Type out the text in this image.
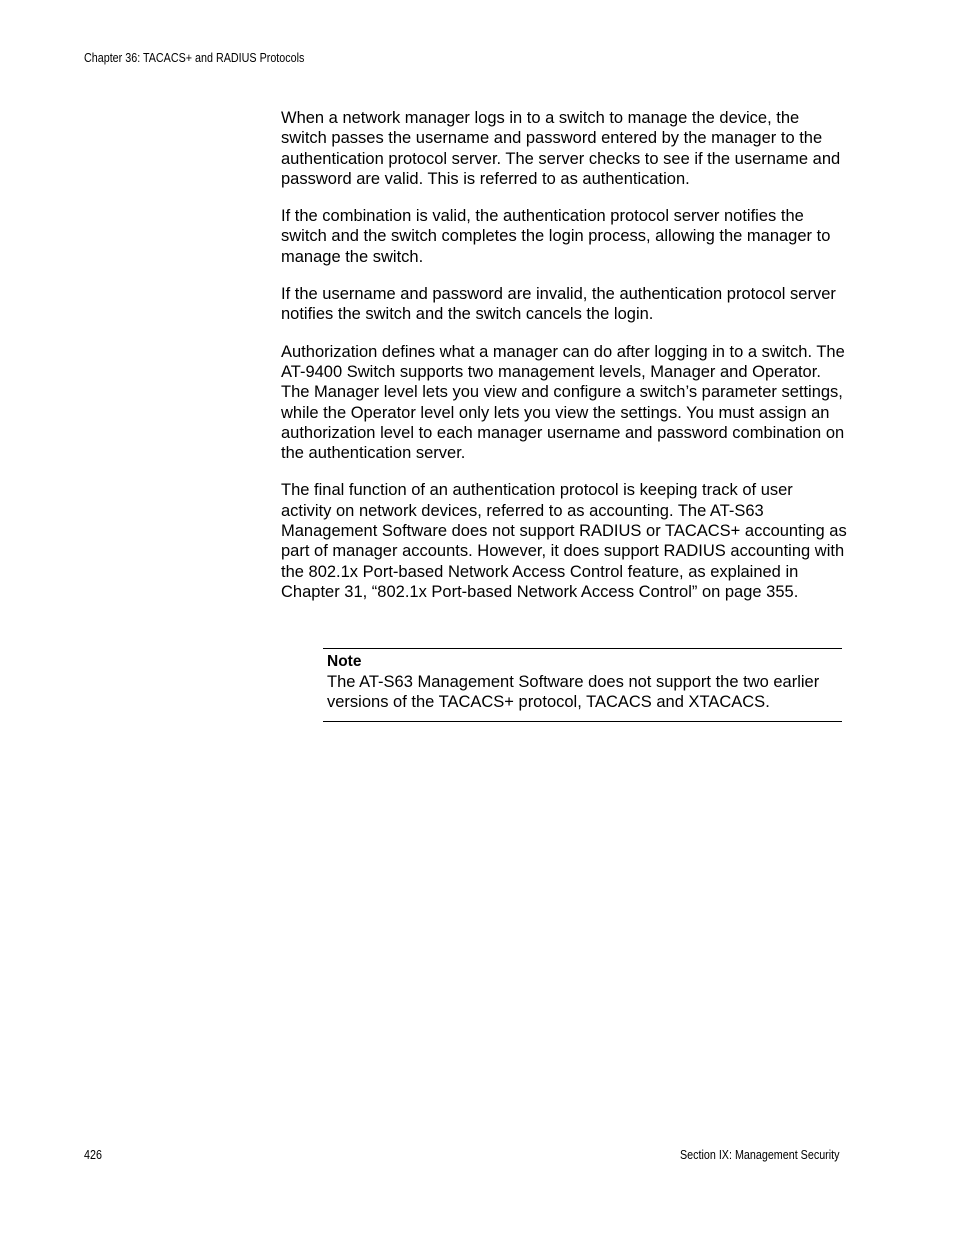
Chapter 36: TACACS+ and RADIUS Protocols

When a network manager logs in to a switch to manage the device, the switch passes the username and password entered by the manager to the authentication protocol server. The server checks to see if the username and password are valid. This is referred to as authentication.

If the combination is valid, the authentication protocol server notifies the switch and the switch completes the login process, allowing the manager to manage the switch.

If the username and password are invalid, the authentication protocol server notifies the switch and the switch cancels the login.

Authorization defines what a manager can do after logging in to a switch. The AT-9400 Switch supports two management levels, Manager and Operator. The Manager level lets you view and configure a switch’s parameter settings, while the Operator level only lets you view the settings. You must assign an authorization level to each manager username and password combination on the authentication server.

The final function of an authentication protocol is keeping track of user activity on network devices, referred to as accounting. The AT-S63 Management Software does not support RADIUS or TACACS+ accounting as part of manager accounts. However, it does support RADIUS accounting with the 802.1x Port-based Network Access Control feature, as explained in Chapter 31, “802.1x Port-based Network Access Control” on page 355.

Note
The AT-S63 Management Software does not support the two earlier versions of the TACACS+ protocol, TACACS and XTACACS.
426	Section IX: Management Security
